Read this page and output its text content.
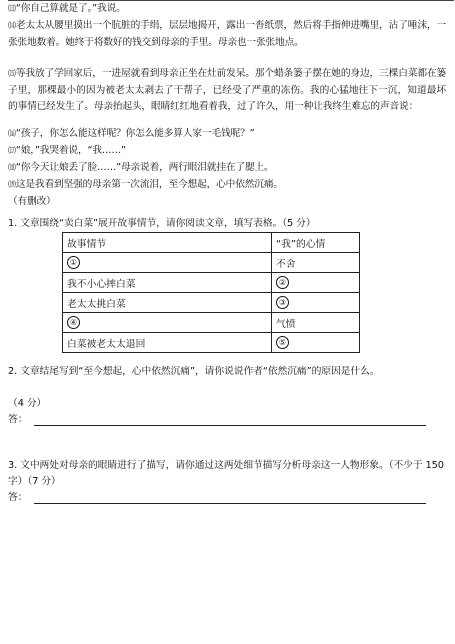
⒀“你自己算就是了。”我说。
⒁老太太从腰里摸出一个肮脏的手绢，层层地揭开，露出一沓纸票，然后将手指伸进嘴里，沾了唾沫，一张张地数着。她终于将数好的钱交到母亲的手里。母亲也一张张地点。
⒂等我放了学回家后，一进屋就看到母亲正坐在灶前发呆。那个蜡条篓子摆在她的身边，三棵白菜都在篓子里，那棵最小的因为被老太太剥去了干帮子，已经受了严重的冻伤。我的心猛地往下一沉，知道最坏的事情已经发生了。母亲抬起头，眼睛红红地看着我，过了许久，用一种让我终生难忘的声音说：
⒃“孩子，你怎么能这样呢？你怎么能多算人家一毛钱呢？”
⒄“娘，”我哭着说，“我……”
⒅“你今天让娘丢了脸……”母亲说着，两行眼泪就挂在了腮上。
⒆这是我看到坚强的母亲第一次流泪，至今想起，心中依然沉痛。
（有删改）
1. 文章围绕“卖白菜”展开故事情节，请你阅读文章，填写表格。（5 分）
故事情节	“我”的心情
①	不舍
我不小心摔白菜	②
老太太挑白菜	③
④	气愤
白菜被老太太退回	⑤
2. 文章结尾写到“至今想起，心中依然沉痛”，请你说说作者“依然沉痛”的原因是什么。
（4 分）
答：
3. 文中两处对母亲的眼睛进行了描写，请你通过这两处细节描写分析母亲这一人物形象。（不少于 150 字）（7 分）
答：
